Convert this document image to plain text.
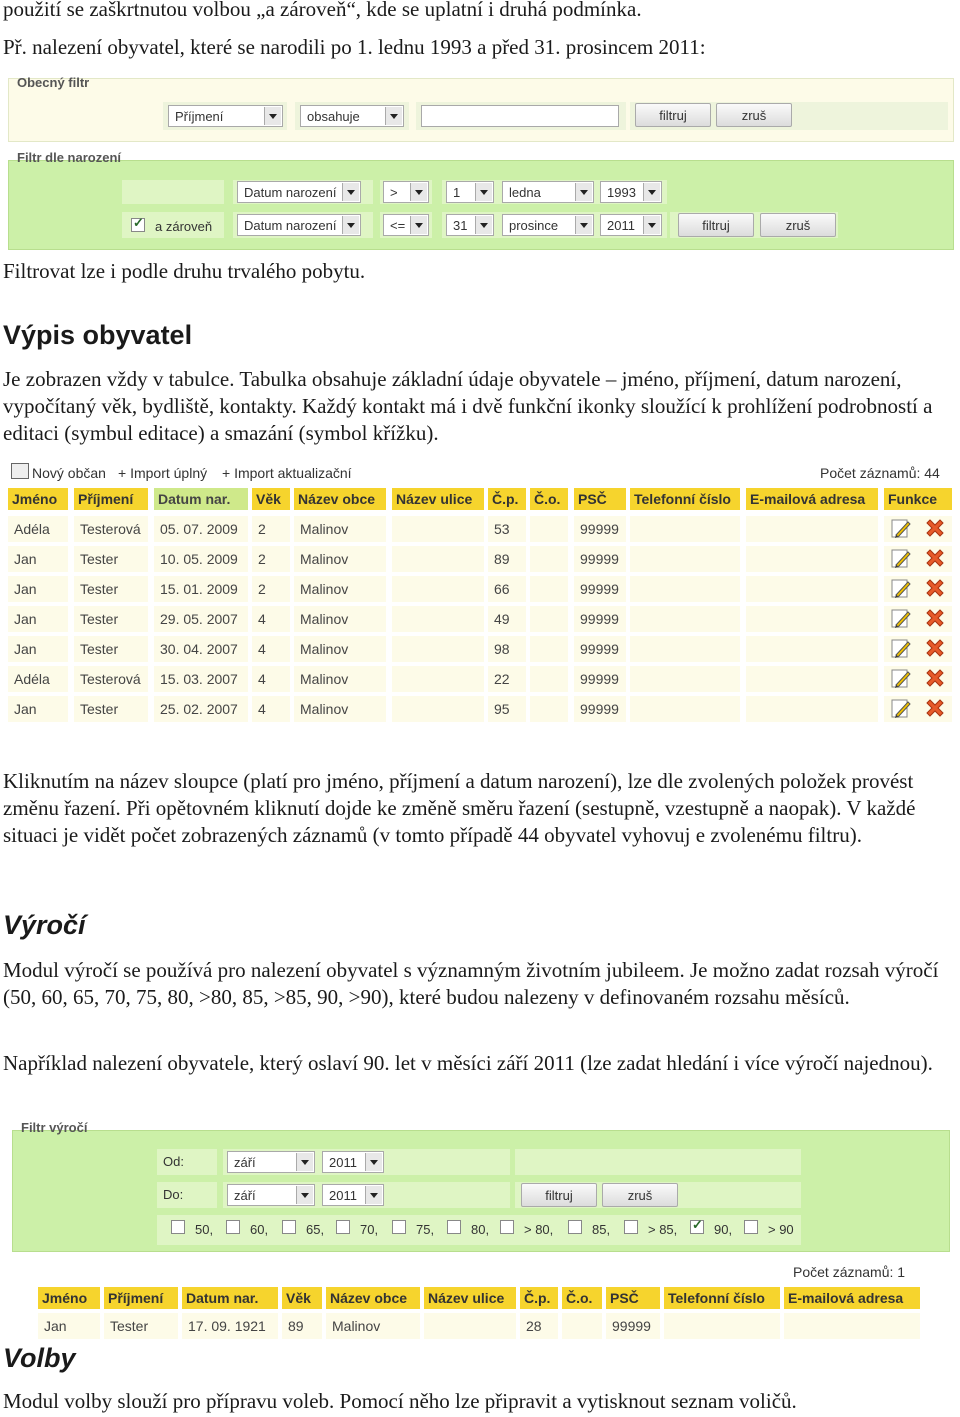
použití se zaškrtnutou volbou „a zároveň“, kde se uplatní i druhá podmínka.

Př. nalezení obyvatel, které se narodili po 1. lednu 1993 a před 31. prosincem 2011:

Obecný filtr
Příjmení	obsahuje	filtruj	zruš
Filtr dle narození
Datum narození	>	1	ledna	1993
✓
a zároveň Datum narození	<=	31	prosince	2011	filtruj	zruš

Filtrovat lze i podle druhu trvalého pobytu.

Výpis obyvatel

Je zobrazen vždy v tabulce. Tabulka obsahuje základní údaje obyvatele – jméno, příjmení, datum narození, vypočítaný věk, bydliště, kontakty. Každý kontakt má i dvě funkční ikonky sloužící k prohlížení podrobností a editaci (symbul editace) a smazání (symbol křížku).

Nový občan + Import úplný + Import aktualizační	Počet záznamů: 44
Jméno	Příjmení	Datum nar.	Věk	Název obce	Název ulice	Č.p.	Č.o.	PSČ	Telefonní číslo	E-mailová adresa	Funkce
Adéla	Testerová	05. 07. 2009	2	Malinov	53	99999
Jan	Tester	10. 05. 2009	2	Malinov	89	99999
Jan	Tester	15. 01. 2009	2	Malinov	66	99999
Jan	Tester	29. 05. 2007	4	Malinov	49	99999
Jan	Tester	30. 04. 2007	4	Malinov	98	99999
Adéla	Testerová	15. 03. 2007	4	Malinov	22	99999
Jan	Tester	25. 02. 2007	4	Malinov	95	99999

Kliknutím na název sloupce (platí pro jméno, příjmení a datum narození), lze dle zvolených položek provést změnu řazení. Při opětovném kliknutí dojde ke změně směru řazení (sestupně, vzestupně a naopak). V každé situaci je vidět počet zobrazených záznamů (v tomto případě 44 obyvatel vyhovuj e zvolenému filtru).

Výročí

Modul výročí se používá pro nalezení obyvatel s významným životním jubileem. Je možno zadat rozsah výročí (50, 60, 65, 70, 75, 80, >80, 85, >85, 90, >90), které budou nalezeny v definovaném rozsahu měsíců.

Například nalezení obyvatele, který oslaví 90. let v měsíci září 2011 (lze zadat hledání i více výročí najednou).

Filtr výročí
Od:
Do:
září	2011
září	2011	filtruj	zruš
50,	60,	65,	70,	75,	80,	> 80,	85,	> 85,
✓	90,	> 90
Počet záznamů: 1
Jméno	Příjmení	Datum nar.	Věk	Název obce	Název ulice	Č.p.	Č.o.	PSČ	Telefonní číslo	E-mailová adresa
Jan	Tester	17. 09. 1921	89	Malinov	28	99999
Volby

Modul volby slouží pro přípravu voleb. Pomocí něho lze připravit a vytisknout seznam voličů.
